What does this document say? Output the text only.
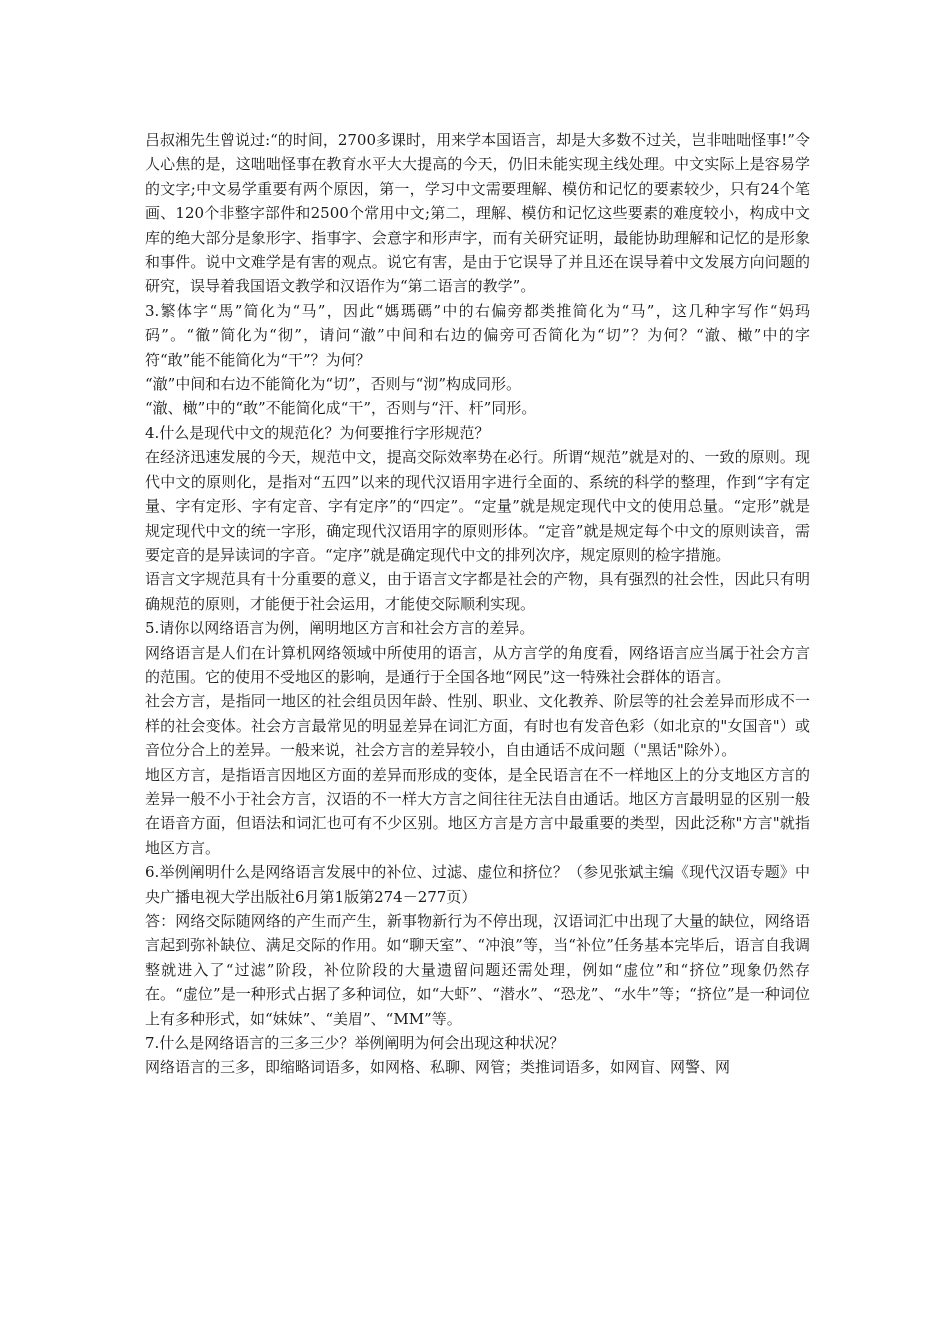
吕叔湘先生曾说过:“的时间，2700多课时，用来学本国语言，却是大多数不过关，岂非咄咄怪事!”令人心焦的是，这咄咄怪事在教育水平大大提高的今天，仍旧未能实现主线处理。中文实际上是容易学的文字;中文易学重要有两个原因，第一，学习中文需要理解、模仿和记忆的要素较少，只有24个笔画、120个非整字部件和2500个常用中文;第二，理解、模仿和记忆这些要素的难度较小，构成中文库的绝大部分是象形字、指事字、会意字和形声字，而有关研究证明，最能协助理解和记忆的是形象和事件。说中文难学是有害的观点。说它有害，是由于它误导了并且还在误导着中文发展方向问题的研究，误导着我国语文教学和汉语作为“第二语言的教学”。

3.繁体字“馬”简化为“马”，因此“媽瑪碼”中的右偏旁都类推简化为“马”，这几种字写作“妈玛码”。“徹”简化为“彻”，请问“澈”中间和右边的偏旁可否简化为“切”？为何？“澈、橄”中的字符“敢”能不能简化为“干”？为何？

“澈”中间和右边不能简化为“切”，否则与“沏”构成同形。

“澈、橄”中的“敢”不能简化成“干”，否则与“汗、杆”同形。

4.什么是现代中文的规范化？为何要推行字形规范？

在经济迅速发展的今天，规范中文，提高交际效率势在必行。所谓“规范”就是对的、一致的原则。现代中文的原则化，是指对“五四”以来的现代汉语用字进行全面的、系统的科学的整理，作到“字有定量、字有定形、字有定音、字有定序”的“四定”。“定量”就是规定现代中文的使用总量。“定形”就是规定现代中文的统一字形，确定现代汉语用字的原则形体。“定音”就是规定每个中文的原则读音，需要定音的是异读词的字音。“定序”就是确定现代中文的排列次序，规定原则的检字措施。

语言文字规范具有十分重要的意义，由于语言文字都是社会的产物，具有强烈的社会性，因此只有明确规范的原则，才能便于社会运用，才能使交际顺利实现。

5.请你以网络语言为例，阐明地区方言和社会方言的差异。

网络语言是人们在计算机网络领域中所使用的语言，从方言学的角度看，网络语言应当属于社会方言的范围。它的使用不受地区的影响，是通行于全国各地“网民”这一特殊社会群体的语言。

社会方言，是指同一地区的社会组员因年龄、性别、职业、文化教养、阶层等的社会差异而形成不一样的社会变体。社会方言最常见的明显差异在词汇方面，有时也有发音色彩（如北京的"女国音"）或音位分合上的差异。一般来说，社会方言的差异较小，自由通话不成问题（"黑话"除外）。

地区方言，是指语言因地区方面的差异而形成的变体，是全民语言在不一样地区上的分支地区方言的差异一般不小于社会方言，汉语的不一样大方言之间往往无法自由通话。地区方言最明显的区别一般在语音方面，但语法和词汇也可有不少区别。地区方言是方言中最重要的类型，因此泛称"方言"就指地区方言。

6.举例阐明什么是网络语言发展中的补位、过滤、虚位和挤位？（参见张斌主编《现代汉语专题》中央广播电视大学出版社6月第1版第274－277页）

答：网络交际随网络的产生而产生，新事物新行为不停出现，汉语词汇中出现了大量的缺位，网络语言起到弥补缺位、满足交际的作用。如“聊天室”、“冲浪”等，当“补位”任务基本完毕后，语言自我调整就进入了“过滤”阶段，补位阶段的大量遗留问题还需处理，例如“虚位”和“挤位”现象仍然存在。“虚位”是一种形式占据了多种词位，如“大虾”、“潜水”、“恐龙”、“水牛”等；“挤位”是一种词位上有多种形式，如“妹妹”、“美眉”、“MM”等。

7.什么是网络语言的三多三少？举例阐明为何会出现这种状况？

网络语言的三多，即缩略词语多，如网格、私聊、网管；类推词语多，如网盲、网警、网
